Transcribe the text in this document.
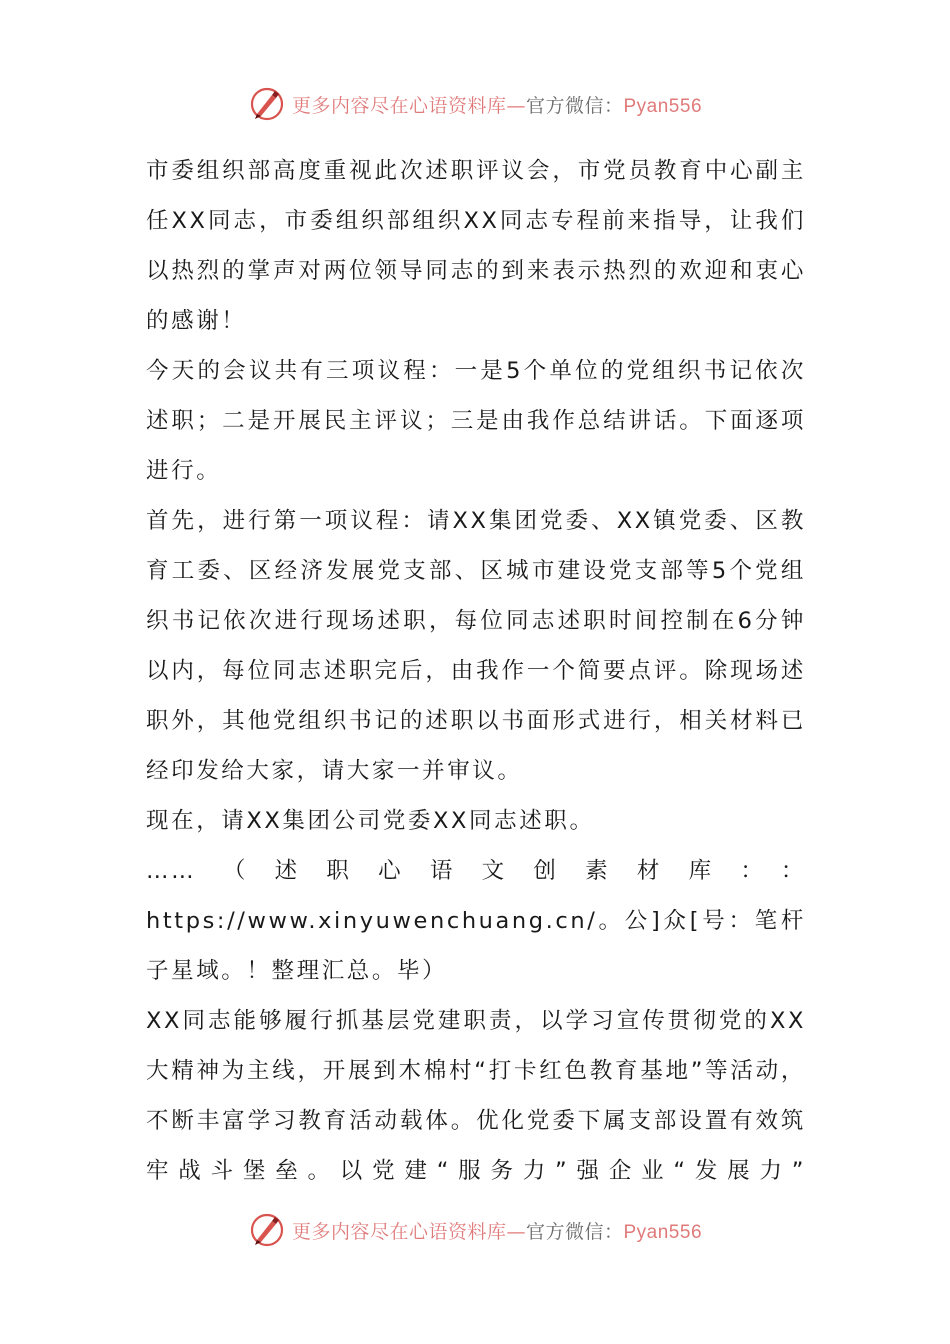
更多内容尽在心语资料库—官方微信：Pyan556

市委组织部高度重视此次述职评议会，市党员教育中心副主任XX同志，市委组织部组织XX同志专程前来指导，让我们以热烈的掌声对两位领导同志的到来表示热烈的欢迎和衷心的感谢！

今天的会议共有三项议程：一是5个单位的党组织书记依次述职；二是开展民主评议；三是由我作总结讲话。下面逐项进行。

首先，进行第一项议程：请XX集团党委、XX镇党委、区教育工委、区经济发展党支部、区城市建设党支部等5个党组织书记依次进行现场述职，每位同志述职时间控制在6分钟以内，每位同志述职完后，由我作一个简要点评。除现场述职外，其他党组织书记的述职以书面形式进行，相关材料已经印发给大家，请大家一并审议。

现在，请XX集团公司党委XX同志述职。

……（述职心语文创素材库：：https://www.xinyuwenchuang.cn/。公]众[号：笔杆子星域。！整理汇总。毕）

XX同志能够履行抓基层党建职责，以学习宣传贯彻党的XX大精神为主线，开展到木棉村“打卡红色教育基地”等活动，不断丰富学习教育活动载体。优化党委下属支部设置有效筑牢战斗堡垒。以党建“服务力”强企业“发展力”

更多内容尽在心语资料库—官方微信：Pyan556
